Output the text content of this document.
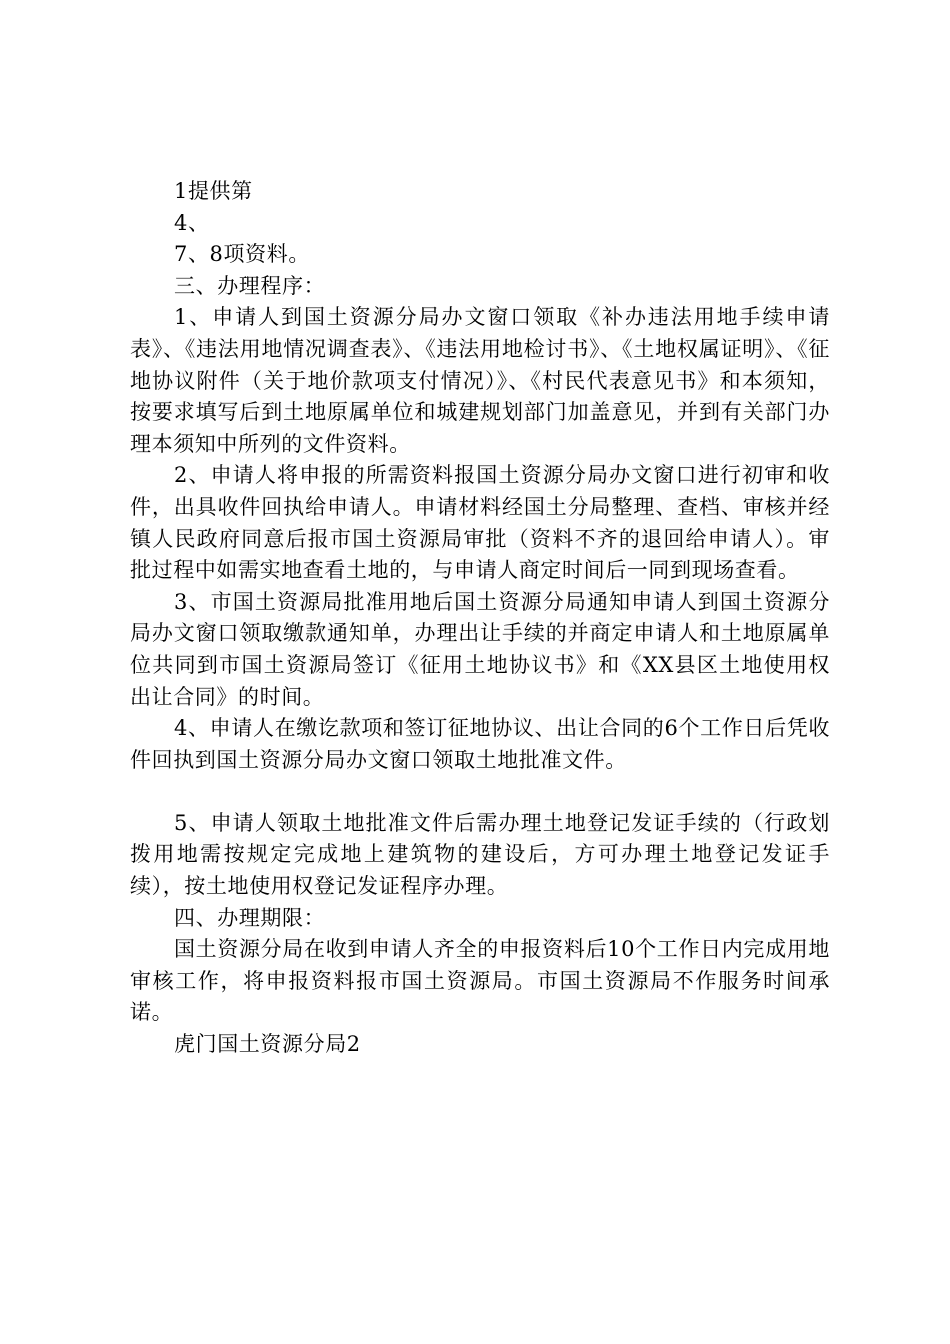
1提供第

4、

7、8项资料。

三、办理程序：

1、申请人到国土资源分局办文窗口领取《补办违法用地手续申请表》、《违法用地情况调查表》、《违法用地检讨书》、《土地权属证明》、《征地协议附件（关于地价款项支付情况）》、《村民代表意见书》和本须知，按要求填写后到土地原属单位和城建规划部门加盖意见，并到有关部门办理本须知中所列的文件资料。

2、申请人将申报的所需资料报国土资源分局办文窗口进行初审和收件，出具收件回执给申请人。申请材料经国土分局整理、查档、审核并经镇人民政府同意后报市国土资源局审批（资料不齐的退回给申请人）。审批过程中如需实地查看土地的，与申请人商定时间后一同到现场查看。

3、市国土资源局批准用地后国土资源分局通知申请人到国土资源分局办文窗口领取缴款通知单，办理出让手续的并商定申请人和土地原属单位共同到市国土资源局签订《征用土地协议书》和《XX县区土地使用权出让合同》的时间。

4、申请人在缴讫款项和签订征地协议、出让合同的6个工作日后凭收件回执到国土资源分局办文窗口领取土地批准文件。

5、申请人领取土地批准文件后需办理土地登记发证手续的（行政划拨用地需按规定完成地上建筑物的建设后，方可办理土地登记发证手续），按土地使用权登记发证程序办理。

四、办理期限：

国土资源分局在收到申请人齐全的申报资料后10个工作日内完成用地审核工作，将申报资料报市国土资源局。市国土资源局不作服务时间承诺。

虎门国土资源分局2
